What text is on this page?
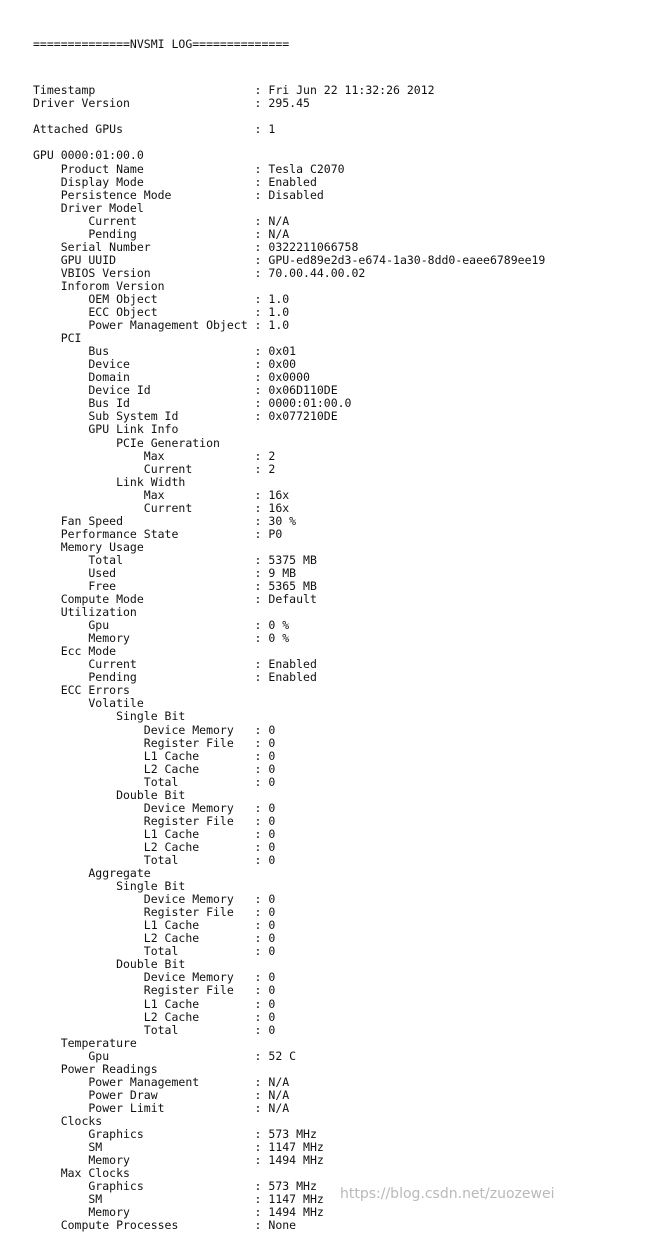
==============NVSMI LOG==============

Timestamp                       : Fri Jun 22 11:32:26 2012
Driver Version                  : 295.45

Attached GPUs                   : 1

GPU 0000:01:00.0
Product Name                : Tesla C2070
Display Mode                : Enabled
Persistence Mode            : Disabled
Driver Model
Current                 : N/A
Pending                 : N/A
Serial Number               : 0322211066758
GPU UUID                    : GPU-ed89e2d3-e674-1a30-8dd0-eaee6789ee19
VBIOS Version               : 70.00.44.00.02
Inforom Version
OEM Object              : 1.0
ECC Object              : 1.0
Power Management Object : 1.0
PCI
Bus                     : 0x01
Device                  : 0x00
Domain                  : 0x0000
Device Id               : 0x06D110DE
Bus Id                  : 0000:01:00.0
Sub System Id           : 0x077210DE
GPU Link Info
PCIe Generation
Max             : 2
Current         : 2
Link Width
Max             : 16x
Current         : 16x
Fan Speed                   : 30 %
Performance State           : P0
Memory Usage
Total                   : 5375 MB
Used                    : 9 MB
Free                    : 5365 MB
Compute Mode                : Default
Utilization
Gpu                     : 0 %
Memory                  : 0 %
Ecc Mode
Current                 : Enabled
Pending                 : Enabled
ECC Errors
Volatile
Single Bit
Device Memory   : 0
Register File   : 0
L1 Cache        : 0
L2 Cache        : 0
Total           : 0
Double Bit
Device Memory   : 0
Register File   : 0
L1 Cache        : 0
L2 Cache        : 0
Total           : 0
Aggregate
Single Bit
Device Memory   : 0
Register File   : 0
L1 Cache        : 0
L2 Cache        : 0
Total           : 0
Double Bit
Device Memory   : 0
Register File   : 0
L1 Cache        : 0
L2 Cache        : 0
Total           : 0
Temperature
Gpu                     : 52 C
Power Readings
Power Management        : N/A
Power Draw              : N/A
Power Limit             : N/A
Clocks
Graphics                : 573 MHz
SM                      : 1147 MHz
Memory                  : 1494 MHz
Max Clocks
Graphics                : 573 MHz
SM                      : 1147 MHz
Memory                  : 1494 MHz
Compute Processes           : None

https://blog.csdn.net/zuozewei
